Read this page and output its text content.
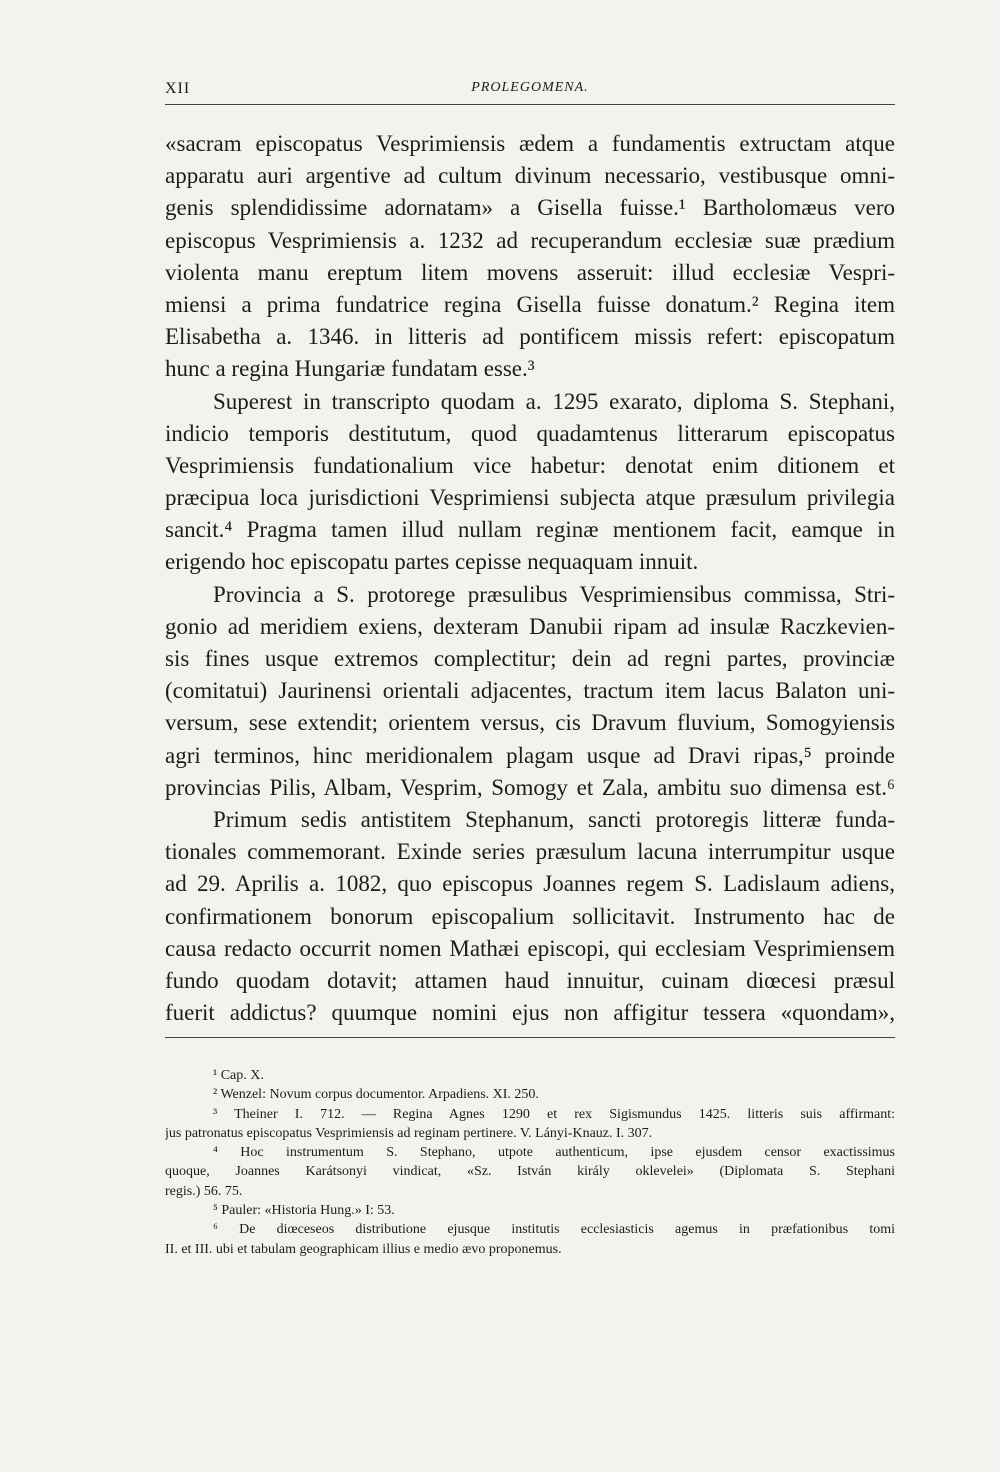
XII	PROLEGOMENA.
«sacram episcopatus Vesprimiensis ædem a fundamentis extructam atque
apparatu auri argentive ad cultum divinum necessario, vestibusque omni-
genis splendidissime adornatam» a Gisella fuisse.¹ Bartholomæus vero
episcopus Vesprimiensis a. 1232 ad recuperandum ecclesiæ suæ prædium
violenta manu ereptum litem movens asseruit: illud ecclesiæ Vespri-
miensi a prima fundatrice regina Gisella fuisse donatum.² Regina item
Elisabetha a. 1346. in litteris ad pontificem missis refert: episcopatum
hunc a regina Hungariæ fundatam esse.³
Superest in transcripto quodam a. 1295 exarato, diploma S. Stephani,
indicio temporis destitutum, quod quadamtenus litterarum episcopatus
Vesprimiensis fundationalium vice habetur: denotat enim ditionem et
præcipua loca jurisdictioni Vesprimiensi subjecta atque præsulum privilegia
sancit.⁴ Pragma tamen illud nullam reginæ mentionem facit, eamque in
erigendo hoc episcopatu partes cepisse nequaquam innuit.
Provincia a S. protorege præsulibus Vesprimiensibus commissa, Stri-
gonio ad meridiem exiens, dexteram Danubii ripam ad insulæ Raczkevien-
sis fines usque extremos complectitur; dein ad regni partes, provinciæ
(comitatui) Jaurinensi orientali adjacentes, tractum item lacus Balaton uni-
versum, sese extendit; orientem versus, cis Dravum fluvium, Somogyiensis
agri terminos, hinc meridionalem plagam usque ad Dravi ripas,⁵ proinde
provincias Pilis, Albam, Vesprim, Somogy et Zala, ambitu suo dimensa est.⁶
Primum sedis antistitem Stephanum, sancti protoregis litteræ funda-
tionales commemorant. Exinde series præsulum lacuna interrumpitur usque
ad 29. Aprilis a. 1082, quo episcopus Joannes regem S. Ladislaum adiens,
confirmationem bonorum episcopalium sollicitavit. Instrumento hac de
causa redacto occurrit nomen Mathæi episcopi, qui ecclesiam Vesprimiensem
fundo quodam dotavit; attamen haud innuitur, cuinam diœcesi præsul
fuerit addictus? quumque nomini ejus non affigitur tessera «quondam»,
¹ Cap. X.
² Wenzel: Novum corpus documentor. Arpadiens. XI. 250.
³ Theiner I. 712. — Regina Agnes 1290 et rex Sigismundus 1425. litteris suis affirmant:
jus patronatus episcopatus Vesprimiensis ad reginam pertinere. V. Lányi-Knauz. I. 307.
⁴ Hoc instrumentum S. Stephano, utpote authenticum, ipse ejusdem censor exactissimus
quoque, Joannes Karátsonyi vindicat, «Sz. István király oklevelei» (Diplomata S. Stephani
regis.) 56. 75.
⁵ Pauler: «Historia Hung.» I: 53.
⁶ De diœceseos distributione ejusque institutis ecclesiasticis agemus in præfationibus tomi
II. et III. ubi et tabulam geographicam illius e medio ævo proponemus.
